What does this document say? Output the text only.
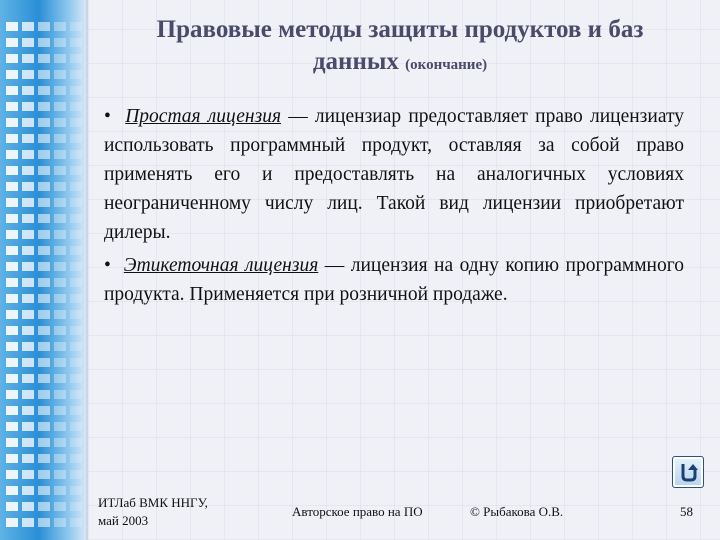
Правовые методы защиты продуктов и баз
данных (окончание)

• Простая лицензия — лицензиар предоставляет право лицензиату использовать программный продукт, оставляя за собой право применять его и предоставлять на аналогичных условиях неограниченному числу лиц. Такой вид лицензии приобретают дилеры.

• Этикеточная лицензия — лицензия на одну копию программного продукта. Применяется при розничной продаже.

ИТЛаб ВМК ННГУ,
май 2003
Авторское право на ПО	© Рыбакова О.В.	58
